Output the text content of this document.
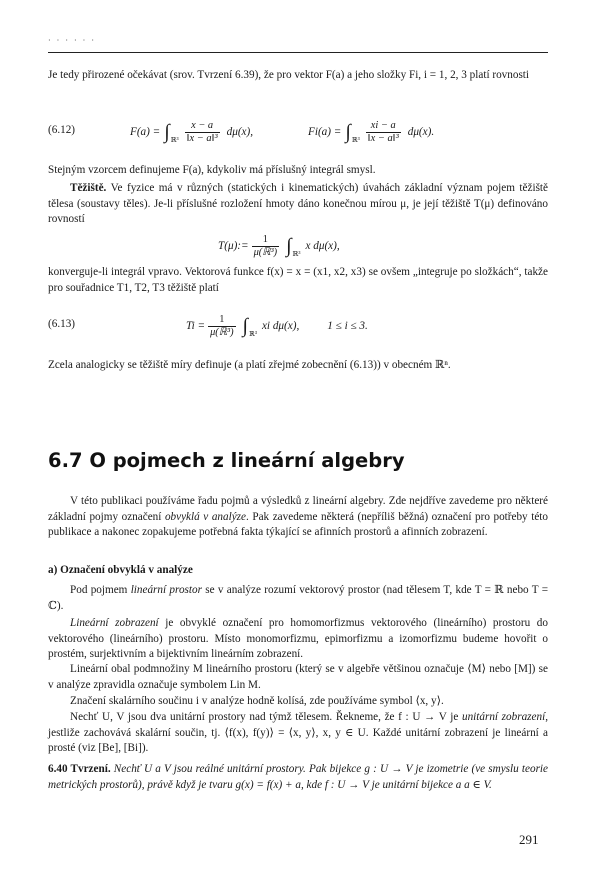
· · · · · ·

Je tedy přirozené očekávat (srov. Tvrzení 6.39), že pro vektor F(a) a jeho složky Fi, i = 1, 2, 3 platí rovnosti

(6.12)	F(a) = ∫ ℝ³ $\frac{x - a}{\text{‖x − a‖³}} d\mu(x)$,	Fi(a) = ∫ ℝ³ $\frac{xi - a}{\text{‖x − a‖³}} d\mu(x)$.

Stejným vzorcem definujeme F(a), kdykoliv má příslušný integrál smysl.

Těžiště. Ve fyzice má v různých (statických i kinematických) úvahách základní význam pojem těžiště tělesa (soustavy těles). Je-li příslušné rozložení hmoty dáno konečnou mírou μ, je její těžiště T(μ) definováno rovností

T(μ):= $\frac{1}{\text{μ(ℝ³)}}$ ∫ ℝ³
x dμ(x),

konverguje-li integrál vpravo. Vektorová funkce f(x) = x = (x1, x2, x3) se ovšem „integruje po složkách“, takže pro souřadnice T1, T2, T3 těžiště platí

(6.13)	$Ti = \frac{1}{\text{μ(ℝ³)}}$ ∫ ℝ³
xi dμ(x),	1 ≤ i ≤ 3.

Zcela analogicky se těžiště míry definuje (a platí zřejmé zobecnění (6.13)) v obecném ℝⁿ.

6.7 O pojmech z lineární algebry

V této publikaci používáme řadu pojmů a výsledků z lineární algebry. Zde nejdříve zavedeme pro některé základní pojmy označení obvyklá v analýze. Pak zavedeme některá (nepříliš běžná) označení pro potřeby této publikace a nakonec zopakujeme potřebná fakta týkající se afinních prostorů a afinních zobrazení.

a) Označení obvyklá v analýze

Pod pojmem lineární prostor se v analýze rozumí vektorový prostor (nad tělesem T, kde T = ℝ nebo T = ℂ).

Lineární zobrazení je obvyklé označení pro homomorfizmus vektorového (lineárního) prostoru do vektorového (lineárního) prostoru. Místo monomorfizmu, epimorfizmu a izomorfizmu budeme hovořit o prostém, surjektivním a bijektivním lineárním zobrazení.

Lineární obal podmnožiny M lineárního prostoru (který se v algebře většinou označuje ⟨M⟩ nebo [M]) se v analýze zpravidla označuje symbolem Lin M.

Značení skalárního součinu i v analýze hodně kolísá, zde používáme symbol ⟨x, y⟩.

Nechť U, V jsou dva unitární prostory nad týmž tělesem. Řekneme, že f : U → V je unitární zobrazení, jestliže zachovává skalární součin, tj. ⟨f(x), f(y)⟩ = ⟨x, y⟩, x, y ∈ U. Každé unitární zobrazení je lineární a prosté (viz [Be], [Bi]).

6.40 Tvrzení. Nechť U a V jsou reálné unitární prostory. Pak bijekce g : U → V je izometrie (ve smyslu teorie metrických prostorů), právě když je tvaru g(x) = f(x) + a, kde f : U → V je unitární bijekce a a ∈ V.

291
